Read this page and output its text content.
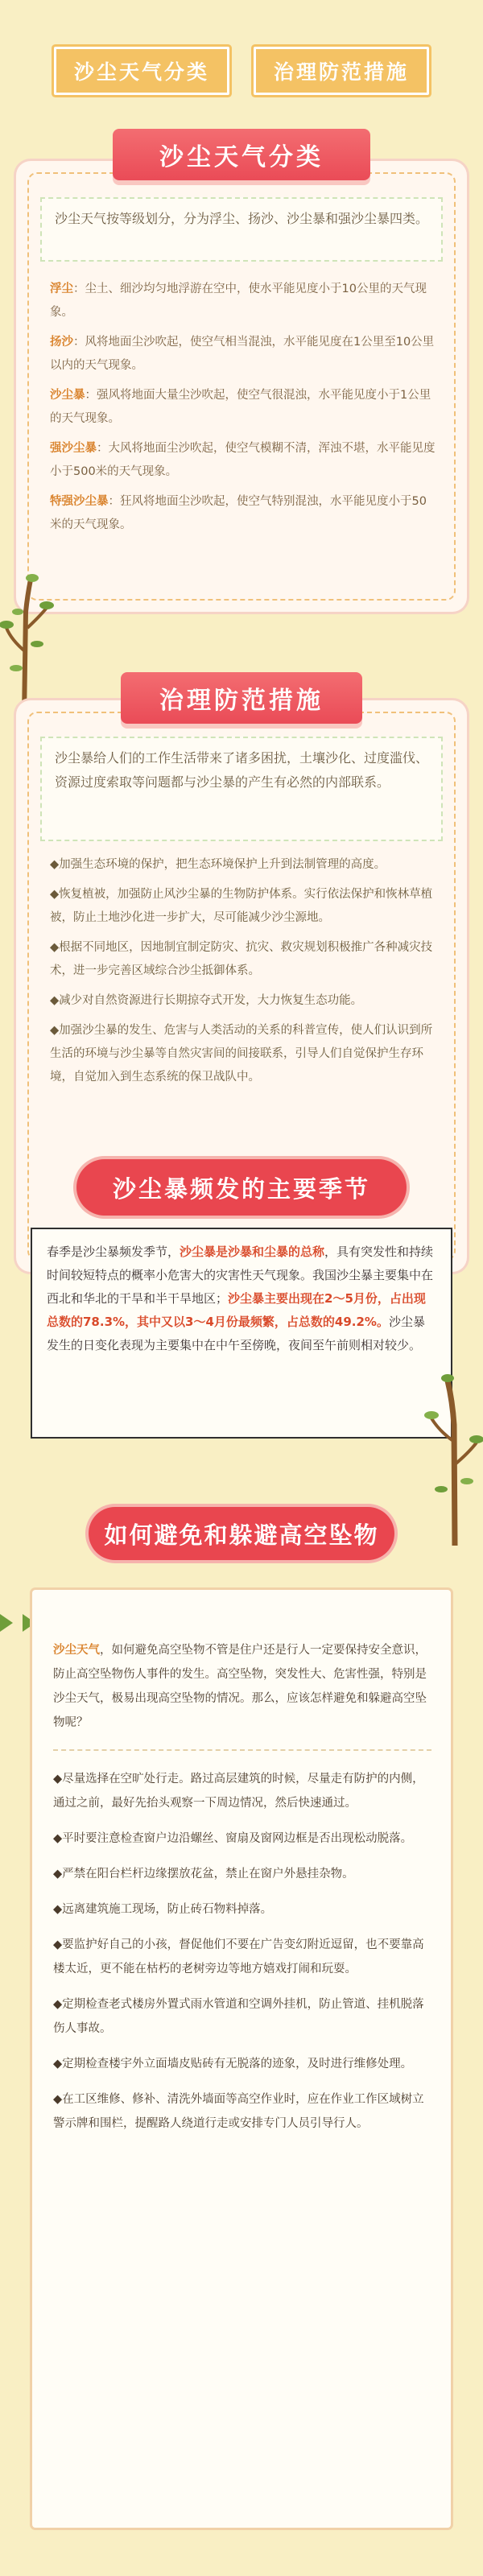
沙尘天气分类	治理防范措施
沙尘天气分类
沙尘天气按等级划分，分为浮尘、扬沙、沙尘暴和强沙尘暴四类。

浮尘：尘土、细沙均匀地浮游在空中，使水平能见度小于10公里的天气现象。

扬沙：风将地面尘沙吹起，使空气相当混浊，水平能见度在1公里至10公里以内的天气现象。

沙尘暴：强风将地面大量尘沙吹起，使空气很混浊，水平能见度小于1公里的天气现象。

强沙尘暴：大风将地面尘沙吹起，使空气模糊不清，浑浊不堪，水平能见度小于500米的天气现象。

特强沙尘暴：狂风将地面尘沙吹起，使空气特别混浊，水平能见度小于50米的天气现象。

治理防范措施
沙尘暴给人们的工作生活带来了诸多困扰，土壤沙化、过度滥伐、资源过度索取等问题都与沙尘暴的产生有必然的内部联系。

◆加强生态环境的保护，把生态环境保护上升到法制管理的高度。

◆恢复植被，加强防止风沙尘暴的生物防护体系。实行依法保护和恢林草植被，防止土地沙化进一步扩大，尽可能减少沙尘源地。

◆根据不同地区，因地制宜制定防灾、抗灾、救灾规划积极推广各种减灾技术，进一步完善区域综合沙尘抵御体系。

◆减少对自然资源进行长期掠夺式开发，大力恢复生态功能。

◆加强沙尘暴的发生、危害与人类活动的关系的科普宣传，使人们认识到所生活的环境与沙尘暴等自然灾害间的间接联系，引导人们自觉保护生存环境，自觉加入到生态系统的保卫战队中。

沙尘暴频发的主要季节
春季是沙尘暴频发季节，沙尘暴是沙暴和尘暴的总称，具有突发性和持续时间较短特点的概率小危害大的灾害性天气现象。我国沙尘暴主要集中在西北和华北的干旱和半干旱地区；沙尘暴主要出现在2～5月份，占出现总数的78.3%，其中又以3～4月份最频繁，占总数的49.2%。沙尘暴发生的日变化表现为主要集中在中午至傍晚，夜间至午前则相对较少。
如何避免和躲避高空坠物

沙尘天气，如何避免高空坠物不管是住户还是行人一定要保持安全意识，防止高空坠物伤人事件的发生。高空坠物，突发性大、危害性强，特别是沙尘天气，极易出现高空坠物的情况。那么，应该怎样避免和躲避高空坠物呢？

◆尽量选择在空旷处行走。路过高层建筑的时候，尽量走有防护的内侧，通过之前，最好先抬头观察一下周边情况，然后快速通过。

◆平时要注意检查窗户边沿螺丝、窗扇及窗网边框是否出现松动脱落。

◆严禁在阳台栏杆边缘摆放花盆，禁止在窗户外悬挂杂物。

◆远离建筑施工现场，防止砖石物料掉落。

◆要监护好自己的小孩，督促他们不要在广告变幻附近逗留，也不要靠高楼太近，更不能在枯朽的老树旁边等地方嬉戏打闹和玩耍。

◆定期检查老式楼房外置式雨水管道和空调外挂机，防止管道、挂机脱落伤人事故。

◆定期检查楼宇外立面墙皮贴砖有无脱落的迹象，及时进行维修处理。

◆在工区维修、修补、清洗外墙面等高空作业时，应在作业工作区域树立警示牌和围栏，提醒路人绕道行走或安排专门人员引导行人。
